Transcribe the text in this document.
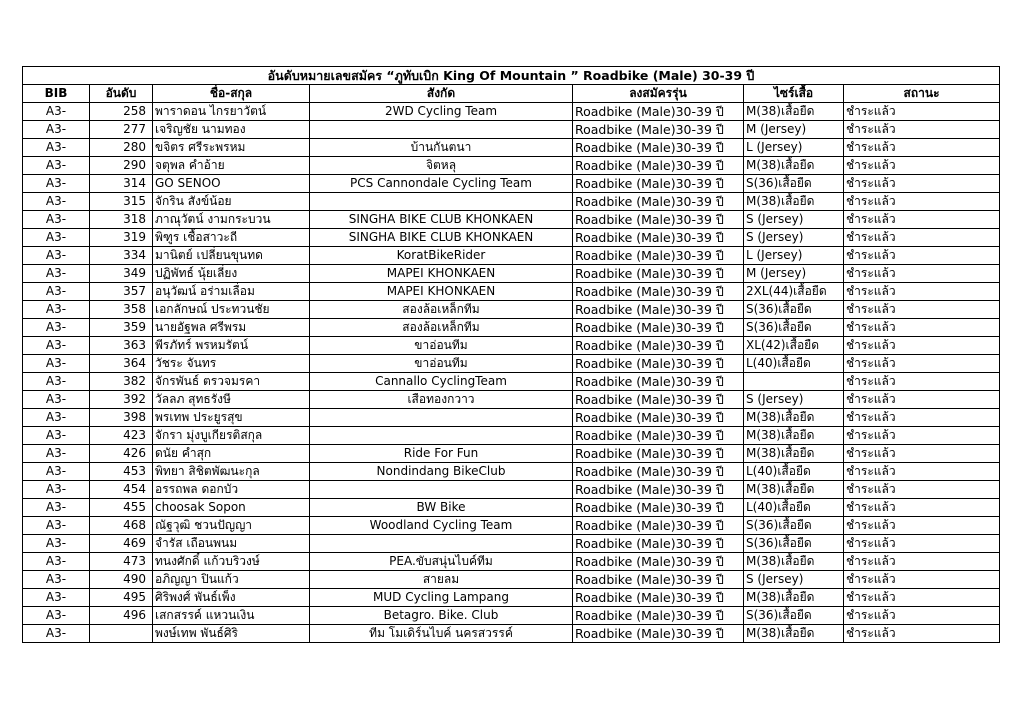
อันดับหมายเลขสมัคร “ภูทับเบิก King Of Mountain ” Roadbike (Male) 30-39 ปี						
BIB	อันดับ	ชื่อ-สกุล	สังกัด	ลงสมัครรุ่น	ไซร์เสื้อ	สถานะ
A3-	258	พาราดอน ไกรยาวัตน์	2WD Cycling Team	Roadbike (Male)30-39 ปี	M(38)เสื้อยืด	ชำระแล้ว
A3-	277	เจริญชัย นามทอง		Roadbike (Male)30-39 ปี	M (Jersey)	ชำระแล้ว
A3-	280	ขจิตร ศรีระพรหม	บ้านกันตนา	Roadbike (Male)30-39 ปี	L (Jersey)	ชำระแล้ว
A3-	290	จตุพล คำอ้าย	จิตหลุ	Roadbike (Male)30-39 ปี	M(38)เสื้อยืด	ชำระแล้ว
A3-	314	GO SENOO	PCS Cannondale Cycling Team	Roadbike (Male)30-39 ปี	S(36)เสื้อยืด	ชำระแล้ว
A3-	315	จักริน สังข์น้อย		Roadbike (Male)30-39 ปี	M(38)เสื้อยืด	ชำระแล้ว
A3-	318	ภาณุวัตน์ งามกระบวน	SINGHA BIKE CLUB KHONKAEN	Roadbike (Male)30-39 ปี	S (Jersey)	ชำระแล้ว
A3-	319	พิฑูร เชื้อสาวะถี	SINGHA BIKE CLUB KHONKAEN	Roadbike (Male)30-39 ปี	S (Jersey)	ชำระแล้ว
A3-	334	มานิตย์ เปลี่ยนขุนทด	KoratBikeRider	Roadbike (Male)30-39 ปี	L (Jersey)	ชำระแล้ว
A3-	349	ปฏิพัทธ์ นุ้ยเลี่ยง	MAPEI KHONKAEN	Roadbike (Male)30-39 ปี	M (Jersey)	ชำระแล้ว
A3-	357	อนุวัฒน์ อร่ามเลื่อม	MAPEI KHONKAEN	Roadbike (Male)30-39 ปี	2XL(44)เสื้อยืด	ชำระแล้ว
A3-	358	เอกลักษณ์ ประทวนชัย	สองล้อเหล็กทีม	Roadbike (Male)30-39 ปี	S(36)เสื้อยืด	ชำระแล้ว
A3-	359	นายอัฐพล ศรีพรม	สองล้อเหล็กทีม	Roadbike (Male)30-39 ปี	S(36)เสื้อยืด	ชำระแล้ว
A3-	363	พีรภัทร์ พรหมรัตน์	ขาอ่อนทีม	Roadbike (Male)30-39 ปี	XL(42)เสื้อยืด	ชำระแล้ว
A3-	364	วัชระ จันทร	ขาอ่อนทีม	Roadbike (Male)30-39 ปี	L(40)เสื้อยืด	ชำระแล้ว
A3-	382	จักรพันธ์ ตรวจมรคา	Cannallo CyclingTeam	Roadbike (Male)30-39 ปี		ชำระแล้ว
A3-	392	วัลลภ สุทธรังษี	เสือทองกวาว	Roadbike (Male)30-39 ปี	S (Jersey)	ชำระแล้ว
A3-	398	พรเทพ ประยูรสุข		Roadbike (Male)30-39 ปี	M(38)เสื้อยืด	ชำระแล้ว
A3-	423	จักรา มุ่งบูเกียรติสกุล		Roadbike (Male)30-39 ปี	M(38)เสื้อยืด	ชำระแล้ว
A3-	426	ดนัย คำสุก	Ride For Fun	Roadbike (Male)30-39 ปี	M(38)เสื้อยืด	ชำระแล้ว
A3-	453	พิทยา สิชิตพัฒนะกุล	Nondindang BikeClub	Roadbike (Male)30-39 ปี	L(40)เสื้อยืด	ชำระแล้ว
A3-	454	อรรถพล ดอกบัว		Roadbike (Male)30-39 ปี	M(38)เสื้อยืด	ชำระแล้ว
A3-	455	choosak Sopon	BW Bike	Roadbike (Male)30-39 ปี	L(40)เสื้อยืด	ชำระแล้ว
A3-	468	ณัฐวุฒิ ชวนปัญญา	Woodland Cycling Team	Roadbike (Male)30-39 ปี	S(36)เสื้อยืด	ชำระแล้ว
A3-	469	จำรัส เถือนพนม		Roadbike (Male)30-39 ปี	S(36)เสื้อยืด	ชำระแล้ว
A3-	473	ทนงศักดิ์ แก้วบริวงษ์	PEA.ขับสนุ่นไบค์ทีม	Roadbike (Male)30-39 ปี	M(38)เสื้อยืด	ชำระแล้ว
A3-	490	อภิญญา ปินแก้ว	สายลม	Roadbike (Male)30-39 ปี	S (Jersey)	ชำระแล้ว
A3-	495	ศิริพงศ์ พันธ์เพ็ง	MUD Cycling Lampang	Roadbike (Male)30-39 ปี	M(38)เสื้อยืด	ชำระแล้ว
A3-	496	เสกสรรค์ แหวนเงิน	Betagro. Bike. Club	Roadbike (Male)30-39 ปี	S(36)เสื้อยืด	ชำระแล้ว
A3-		พงษ์เทพ พันธ์ศิริ	ทีม โมเดิร์นไบค์ นครสวรรค์	Roadbike (Male)30-39 ปี	M(38)เสื้อยืด	ชำระแล้ว
